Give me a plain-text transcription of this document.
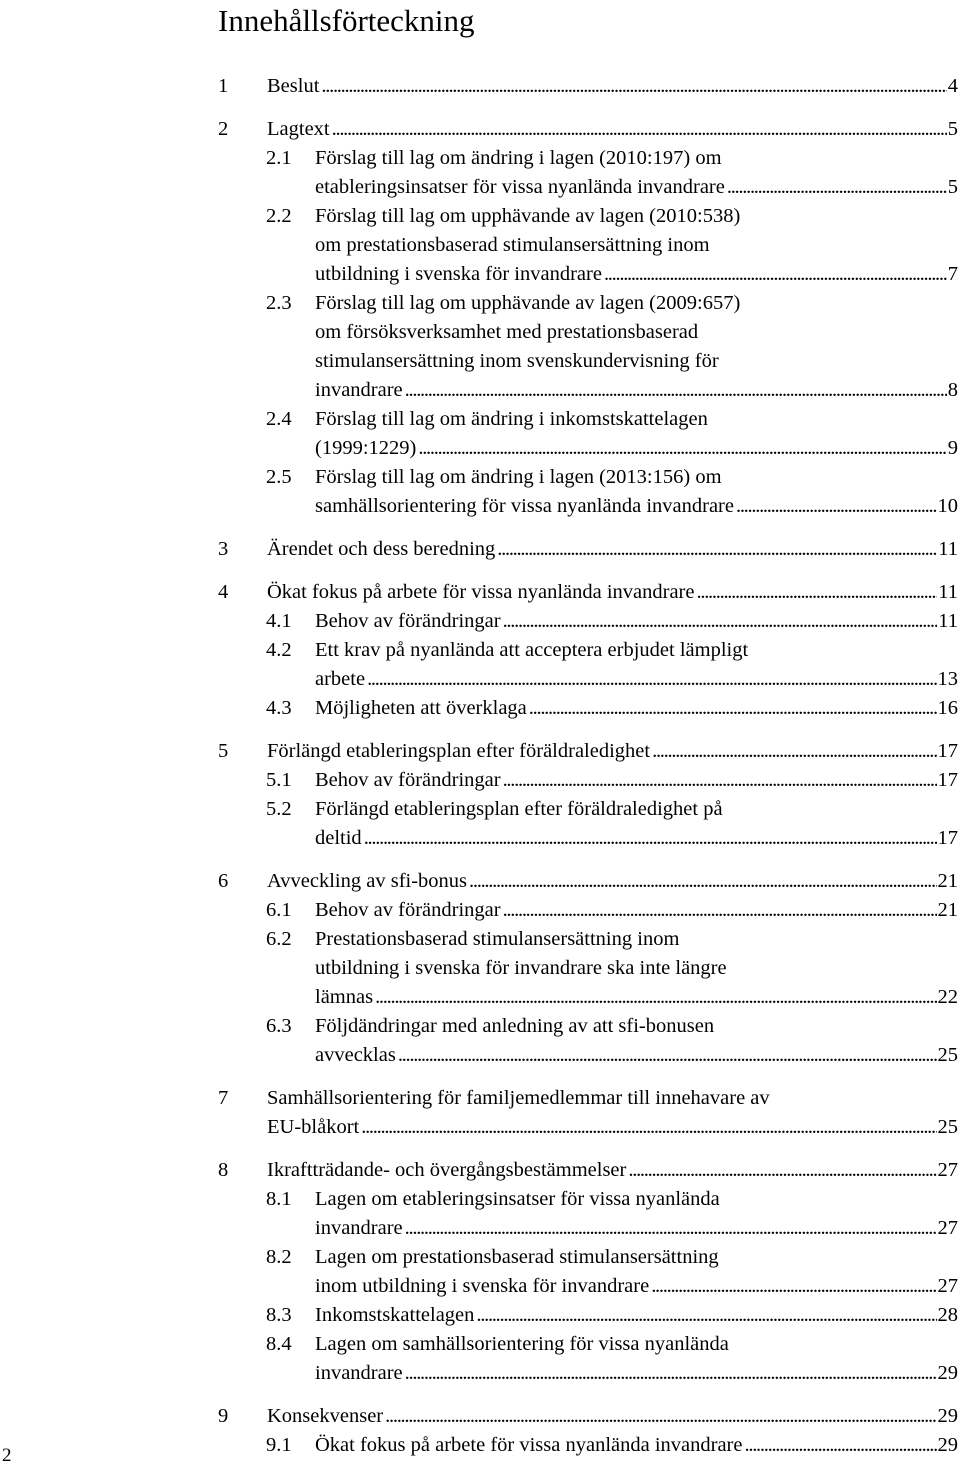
2
Innehållsförteckning
1	Beslut . . .	4
2	Lagtext . . .	5
2.1	Förslag till lag om ändring i lagen (2010:197) om
etableringsinsatser för vissa nyanlända invandrare . . .	5
2.2	Förslag till lag om upphävande av lagen (2010:538)
om prestationsbaserad stimulansersättning inom
utbildning i svenska för invandrare . . .	7
2.3	Förslag till lag om upphävande av lagen (2009:657)
om försöksverksamhet med prestationsbaserad
stimulansersättning inom svenskundervisning för
invandrare . . .	8
2.4	Förslag till lag om ändring i inkomstskattelagen
(1999:1229) . . .	9
2.5	Förslag till lag om ändring i lagen (2013:156) om
samhällsorientering för vissa nyanlända invandrare . . .	10
3	Ärendet och dess beredning . . .	11
4	Ökat fokus på arbete för vissa nyanlända invandrare . . .	11
4.1	Behov av förändringar . . .	11
4.2	Ett krav på nyanlända att acceptera erbjudet lämpligt
arbete . . .	13
4.3	Möjligheten att överklaga . . .	16
5	Förlängd etableringsplan efter föräldraledighet . . .	17
5.1	Behov av förändringar . . .	17
5.2	Förlängd etableringsplan efter föräldraledighet på
deltid . . .	17
6	Avveckling av sfi-bonus . . .	21
6.1	Behov av förändringar . . .	21
6.2	Prestationsbaserad stimulansersättning inom
utbildning i svenska för invandrare ska inte längre
lämnas . . .	22
6.3	Följdändringar med anledning av att sfi-bonusen
avvecklas . . .	25
7	Samhällsorientering för familjemedlemmar till innehavare av
EU-blåkort . . .	25
8	Ikraftträdande- och övergångsbestämmelser . . .	27
8.1	Lagen om etableringsinsatser för vissa nyanlända
invandrare . . .	27
8.2	Lagen om prestationsbaserad stimulansersättning
inom utbildning i svenska för invandrare . . .	27
8.3	Inkomstskattelagen . . .	28
8.4	Lagen om samhällsorientering för vissa nyanlända
invandrare . . .	29
9	Konsekvenser . . .	29
9.1	Ökat fokus på arbete för vissa nyanlända invandrare . . .	29
